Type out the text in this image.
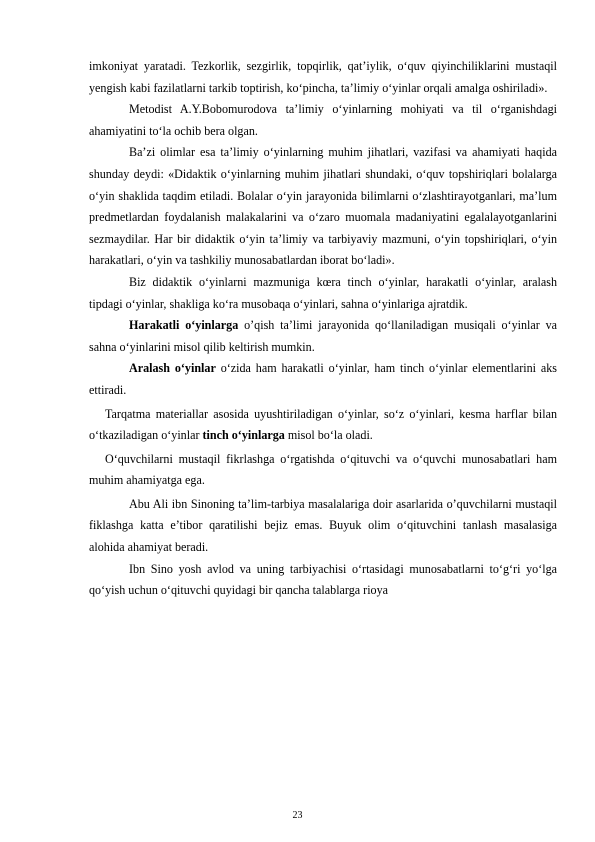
imkoniyat yaratadi. Tezkorlik, sezgirlik, topqirlik, qat’iylik, o‘quv qiyinchiliklarini mustaqil yengish kabi fazilatlarni tarkib toptirish, ko‘pincha, ta’limiy o‘yinlar orqali amalga oshiriladi».

Metodist A.Y.Bobomurodova ta’limiy o‘yinlarning mohiyati va til o‘rganishdagi ahamiyatini to‘la ochib bera olgan.

Ba’zi olimlar esa ta’limiy o‘yinlarning muhim jihatlari, vazifasi va ahamiyati haqida shunday deydi: «Didaktik o‘yinlarning muhim jihatlari shundaki, o‘quv topshiriqlari bolalarga o‘yin shaklida taqdim etiladi. Bolalar o‘yin jarayonida bilimlarni o‘zlashtirayotganlari, ma’lum predmetlardan foydalanish malakalarini va o‘zaro muomala madaniyatini egalalayotganlarini sezmaydilar. Har bir didaktik o‘yin ta’limiy va tarbiyaviy mazmuni, o‘yin topshiriqlari, o‘yin harakatlari, o‘yin va tashkiliy munosabatlardan iborat bo‘ladi».

Biz didaktik o‘yinlarni mazmuniga kœra tinch o‘yinlar, harakatli o‘yinlar, aralash tipdagi o‘yinlar, shakliga ko‘ra musobaqa o‘yinlari, sahna o‘yinlariga ajratdik.

Harakatli o‘yinlarga o’qish ta’limi jarayonida qo‘llaniladigan musiqali o‘yinlar va sahna o‘yinlarini misol qilib keltirish mumkin.

Aralash o‘yinlar o‘zida ham harakatli o‘yinlar, ham tinch o‘yinlar elementlarini aks ettiradi.

Tarqatma materiallar asosida uyushtiriladigan o‘yinlar, so‘z o‘yinlari, kesma harflar bilan o‘tkaziladigan o‘yinlar tinch o‘yinlarga misol bo‘la oladi.

O‘quvchilarni mustaqil fikrlashga o‘rgatishda o‘qituvchi va o‘quvchi munosabatlari ham muhim ahamiyatga ega.

Abu Ali ibn Sinoning ta’lim-tarbiya masalalariga doir asarlarida o’quvchilarni mustaqil fiklashga katta e’tibor qaratilishi bejiz emas. Buyuk olim o‘qituvchini tanlash masalasiga alohida ahamiyat beradi.

Ibn Sino yosh avlod va uning tarbiyachisi o‘rtasidagi munosabatlarni to‘g‘ri yo‘lga qo‘yish uchun o‘qituvchi quyidagi bir qancha talablarga rioya

23
